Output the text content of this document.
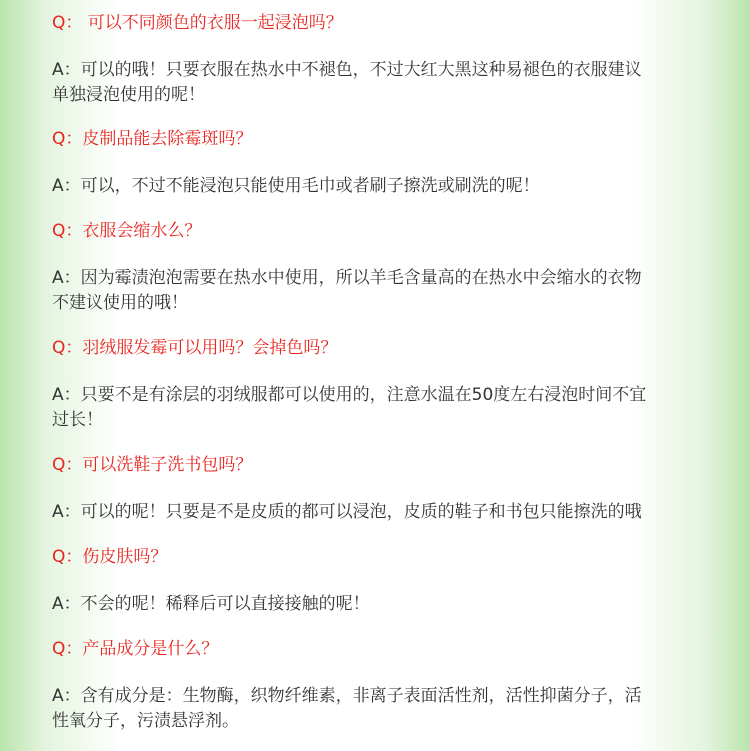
Q： 可以不同颜色的衣服一起浸泡吗？
A：可以的哦！只要衣服在热水中不褪色，不过大红大黑这种易褪色的衣服建议
单独浸泡使用的呢！
Q：皮制品能去除霉斑吗？
A：可以，不过不能浸泡只能使用毛巾或者刷子擦洗或刷洗的呢！
Q：衣服会缩水么？
A：因为霉渍泡泡需要在热水中使用，所以羊毛含量高的在热水中会缩水的衣物
不建议使用的哦！
Q：羽绒服发霉可以用吗？会掉色吗？
A：只要不是有涂层的羽绒服都可以使用的，注意水温在50度左右浸泡时间不宜
过长！
Q：可以洗鞋子洗书包吗？
A：可以的呢！只要是不是皮质的都可以浸泡，皮质的鞋子和书包只能擦洗的哦
Q：伤皮肤吗？
A：不会的呢！稀释后可以直接接触的呢！
Q：产品成分是什么？
A：含有成分是：生物酶，织物纤维素，非离子表面活性剂，活性抑菌分子，活
性氧分子，污渍悬浮剂。
